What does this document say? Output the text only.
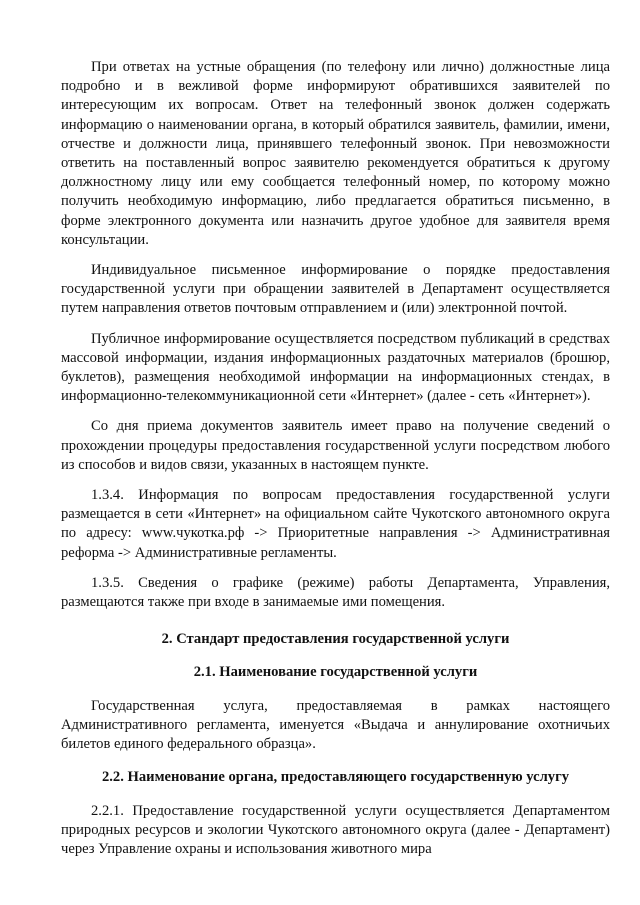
При ответах на устные обращения (по телефону или лично) должностные лица подробно и в вежливой форме информируют обратившихся заявителей по интересующим их вопросам. Ответ на телефонный звонок должен содержать информацию о наименовании органа, в который обратился заявитель, фамилии, имени, отчестве и должности лица, принявшего телефонный звонок. При невозможности ответить на поставленный вопрос заявителю рекомендуется обратиться к другому должностному лицу или ему сообщается телефонный номер, по которому можно получить необходимую информацию, либо предлагается обратиться письменно, в форме электронного документа или назначить другое удобное для заявителя время консультации.

Индивидуальное письменное информирование о порядке предоставления государственной услуги при обращении заявителей в Департамент осуществляется путем направления ответов почтовым отправлением и (или) электронной почтой.

Публичное информирование осуществляется посредством публикаций в средствах массовой информации, издания информационных раздаточных материалов (брошюр, буклетов), размещения необходимой информации на информационных стендах, в информационно-телекоммуникационной сети «Интернет» (далее - сеть «Интернет»).

Со дня приема документов заявитель имеет право на получение сведений о прохождении процедуры предоставления государственной услуги посредством любого из способов и видов связи, указанных в настоящем пункте.

1.3.4. Информация по вопросам предоставления государственной услуги размещается в сети «Интернет» на официальном сайте Чукотского автономного округа по адресу: www.чукотка.рф -> Приоритетные направления -> Административная реформа -> Административные регламенты.

1.3.5. Сведения о графике (режиме) работы Департамента, Управления, размещаются также при входе в занимаемые ими помещения.

2. Стандарт предоставления государственной услуги

2.1. Наименование государственной услуги

Государственная услуга, предоставляемая в рамках настоящего Административного регламента, именуется «Выдача и аннулирование охотничьих билетов единого федерального образца».

2.2. Наименование органа, предоставляющего государственную услугу

2.2.1. Предоставление государственной услуги осуществляется Департаментом природных ресурсов и экологии Чукотского автономного округа (далее - Департамент) через Управление охраны и использования животного мира
